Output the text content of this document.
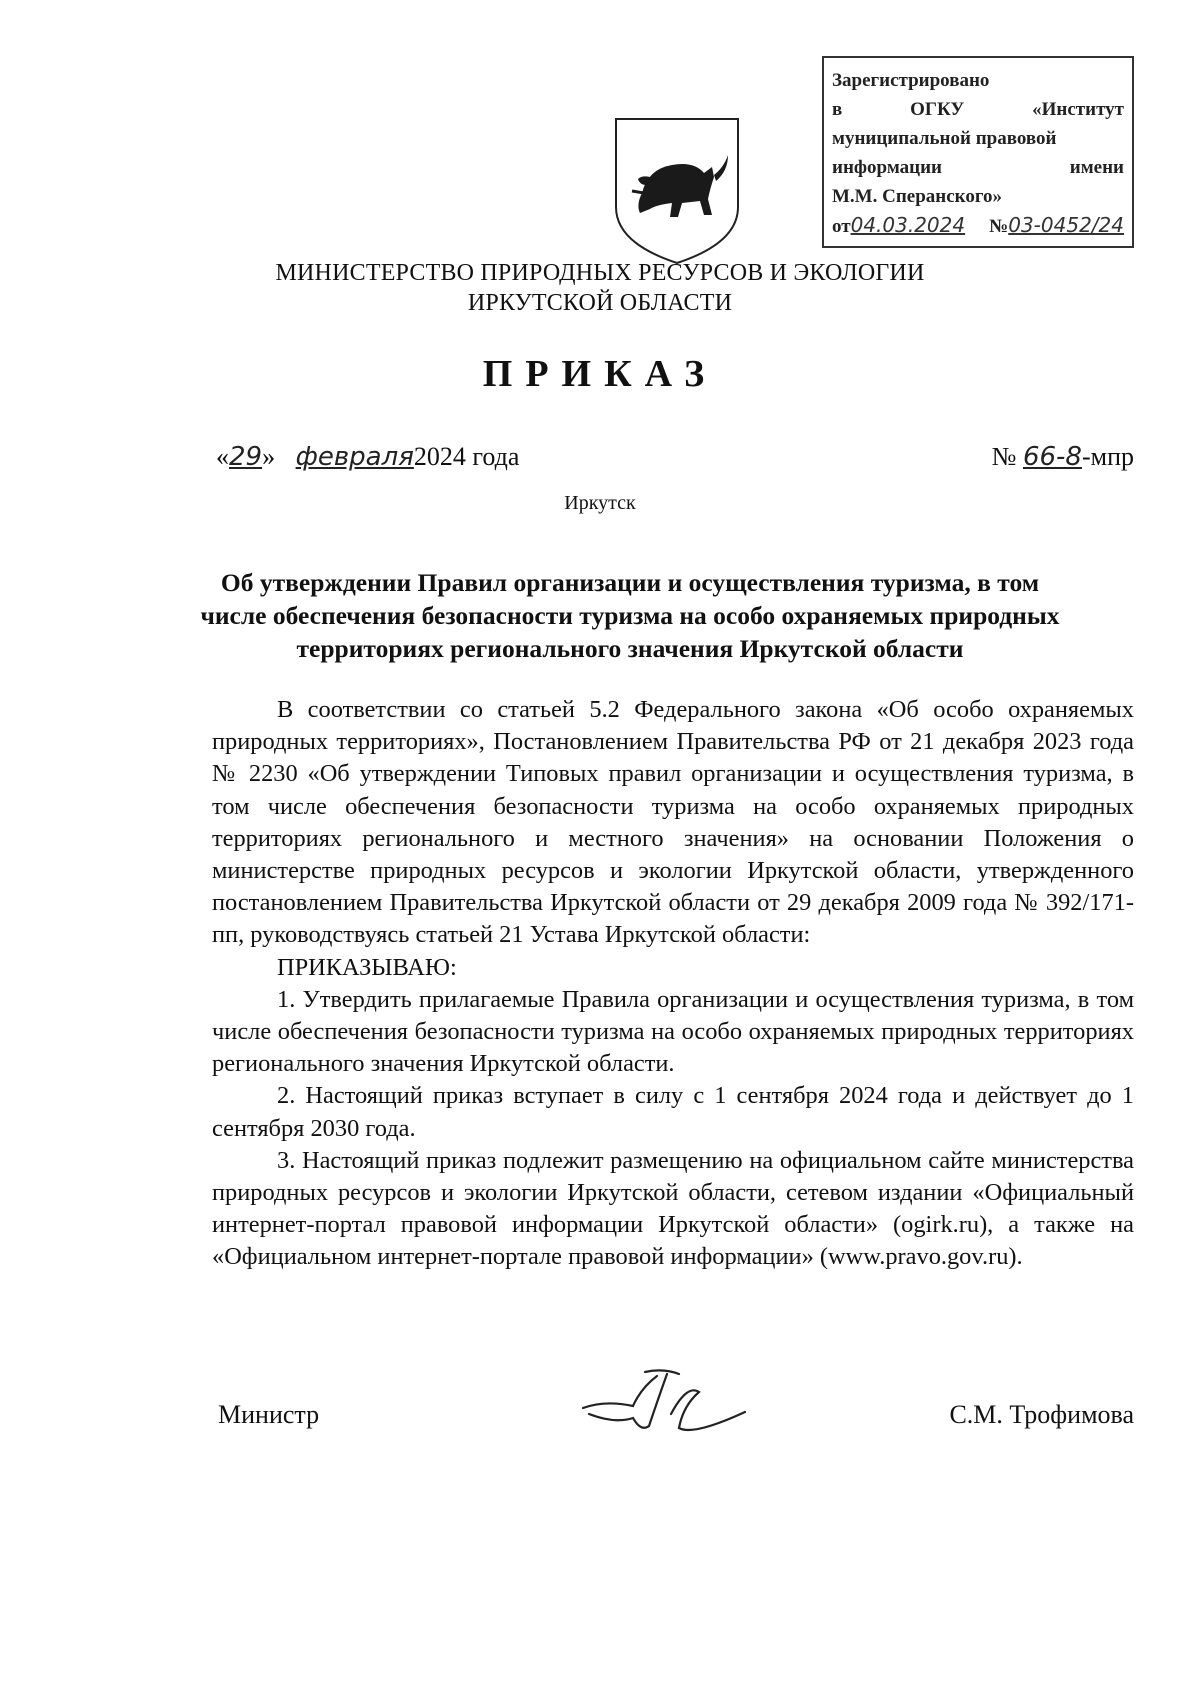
Зарегистрировано
в	ОГКУ	«Институт
муниципальной правовой
информации	имени
М.М. Сперанского»
от04.03.2024 №03-0452/24
МИНИСТЕРСТВО ПРИРОДНЫХ РЕСУРСОВ И ЭКОЛОГИИ
ИРКУТСКОЙ ОБЛАСТИ
ПРИКАЗ
«29» февраля2024 года	№ 66-8-мпр
Иркутск
Об утверждении Правил организации и осуществления туризма, в том числе обеспечения безопасности туризма на особо охраняемых природных территориях регионального значения Иркутской области

В соответствии со статьей 5.2 Федерального закона «Об особо охраняемых природных территориях», Постановлением Правительства РФ от 21 декабря 2023 года № 2230 «Об утверждении Типовых правил организации и осуществления туризма, в том числе обеспечения безопасности туризма на особо охраняемых природных территориях регионального и местного значения» на основании Положения о министерстве природных ресурсов и экологии Иркутской области, утвержденного постановлением Правительства Иркутской области от 29 декабря 2009 года № 392/171-пп, руководствуясь статьей 21 Устава Иркутской области:

ПРИКАЗЫВАЮ:

1. Утвердить прилагаемые Правила организации и осуществления туризма, в том числе обеспечения безопасности туризма на особо охраняемых природных территориях регионального значения Иркутской области.

2. Настоящий приказ вступает в силу с 1 сентября 2024 года и действует до 1 сентября 2030 года.

3. Настоящий приказ подлежит размещению на официальном сайте министерства природных ресурсов и экологии Иркутской области, сетевом издании «Официальный интернет-портал правовой информации Иркутской области» (ogirk.ru), а также на «Официальном интернет-портале правовой информации» (www.pravo.gov.ru).

Министр	С.М. Трофимова
